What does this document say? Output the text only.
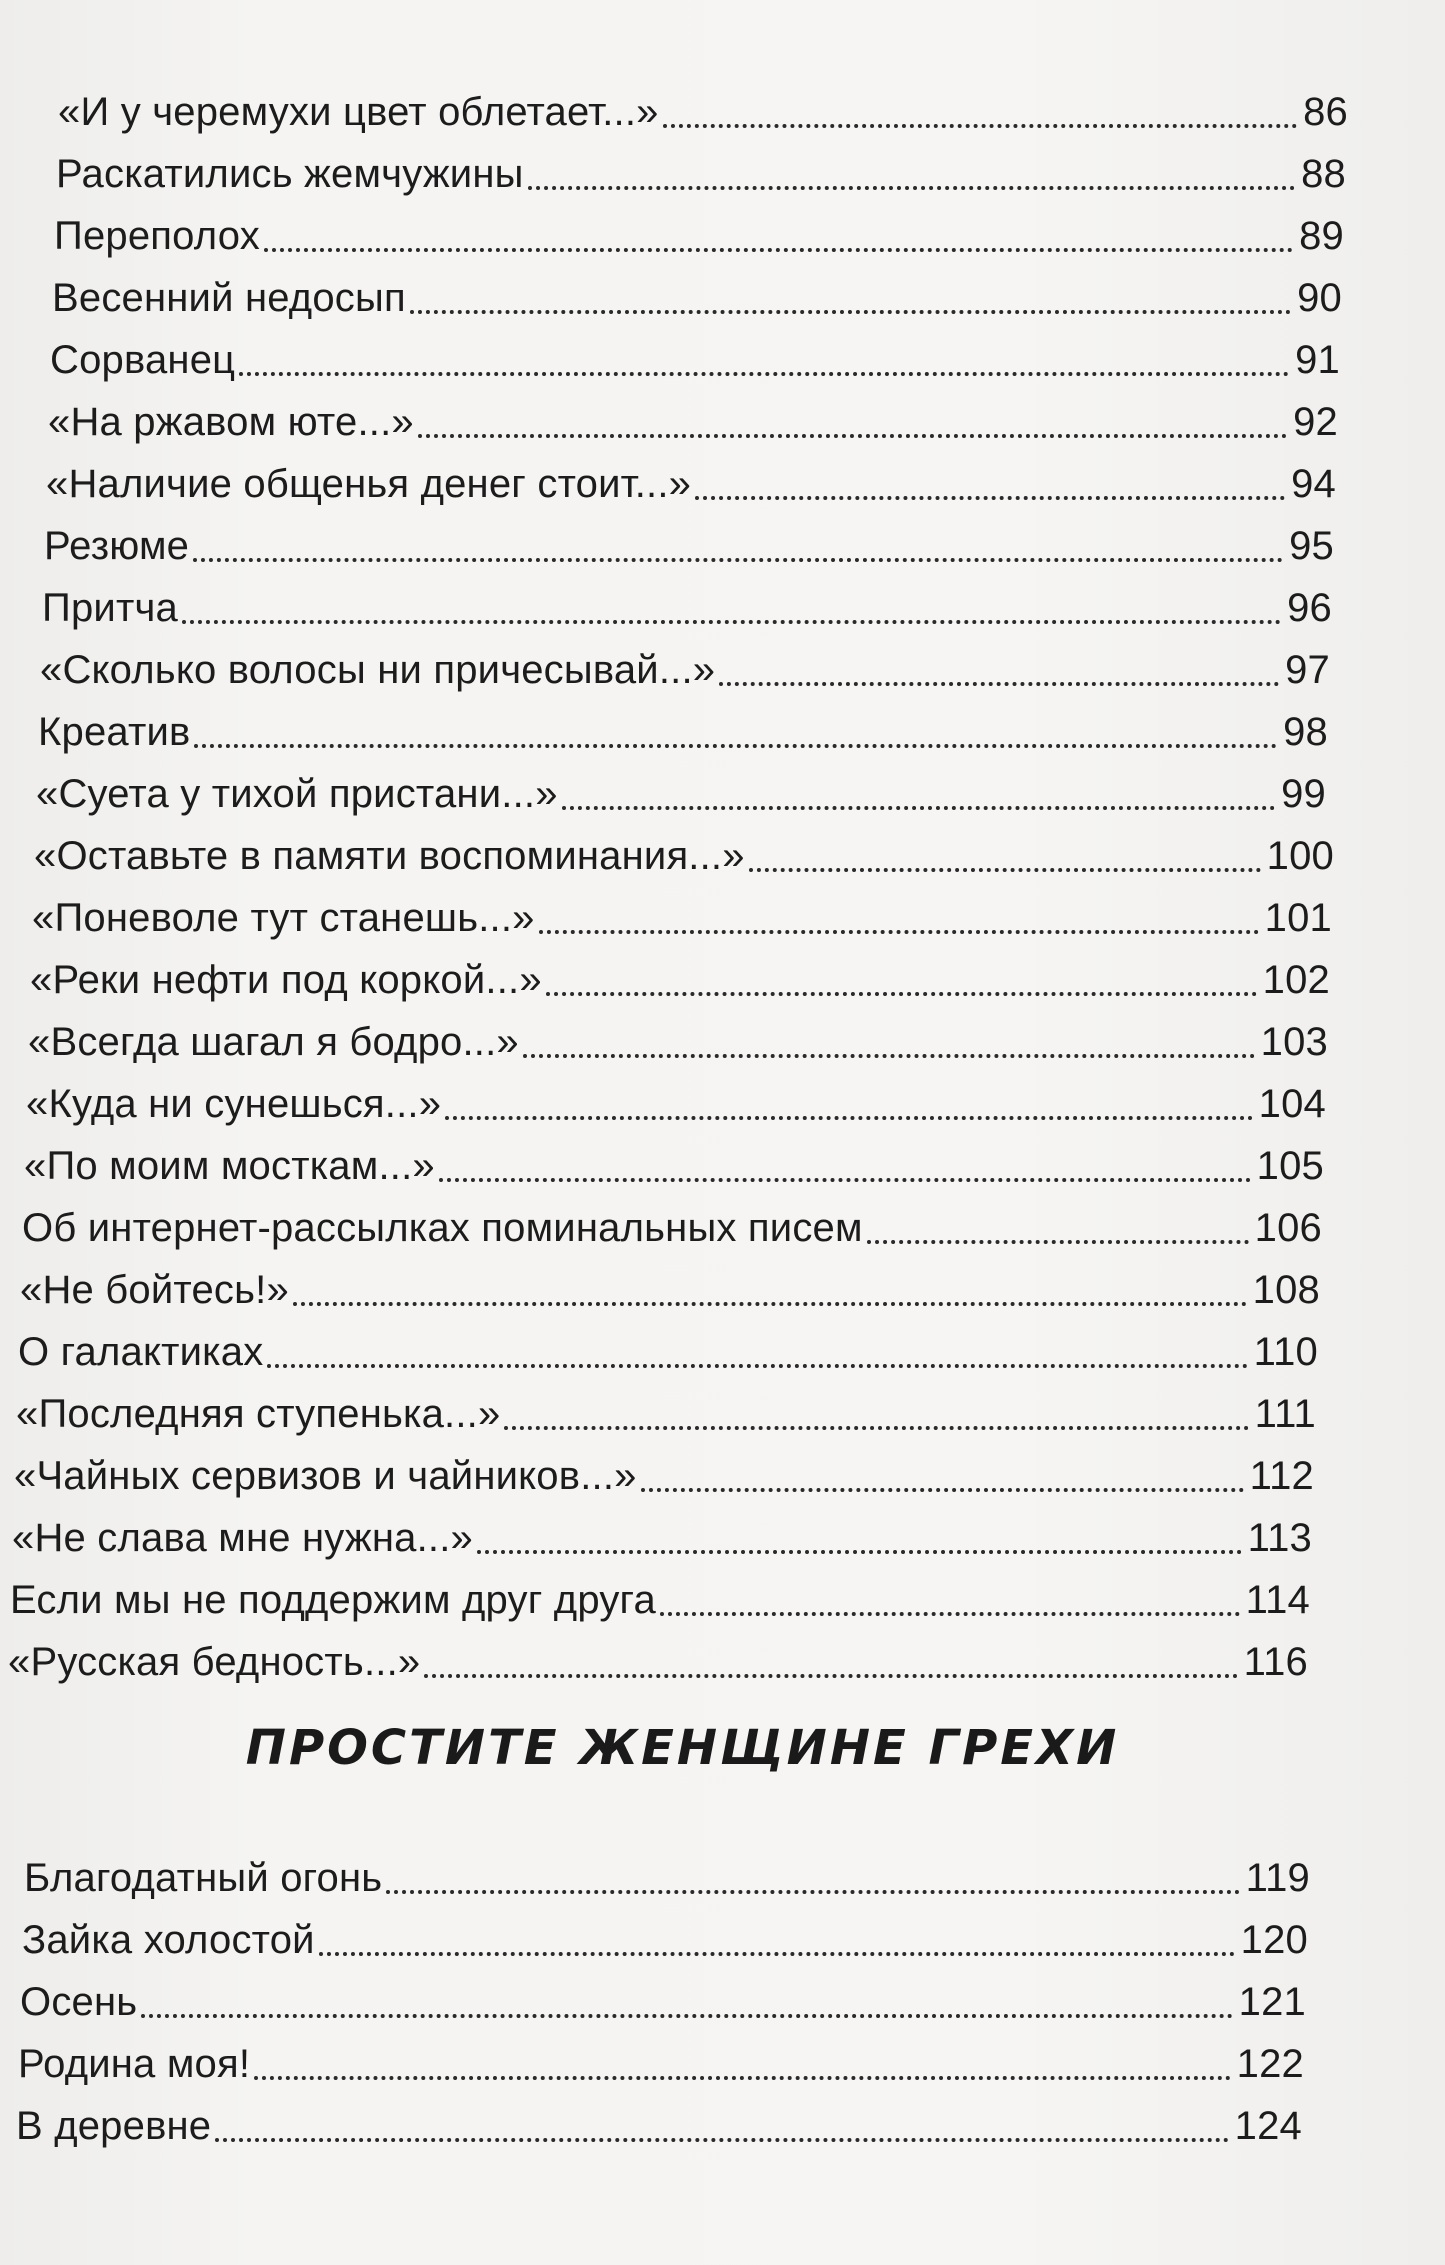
«И у черемухи цвет облетает...»	86
Раскатились жемчужины	88
Переполох	89
Весенний недосып	90
Сорванец	91
«На ржавом юте...»	92
«Наличие общенья денег стоит...»	94
Резюме	95
Притча	96
«Сколько волосы ни причесывай...»	97
Креатив	98
«Суета у тихой пристани...»	99
«Оставьте в памяти воспоминания...»	100
«Поневоле тут станешь...»	101
«Реки нефти под коркой...»	102
«Всегда шагал я бодро...»	103
«Куда ни сунешься...»	104
«По моим мосткам...»	105
Об интернет-рассылках поминальных писем	106
«Не бойтесь!»	108
О галактиках	110
«Последняя ступенька...»	111
«Чайных сервизов и чайников...»	112
«Не слава мне нужна...»	113
Если мы не поддержим друг друга	114
«Русская бедность...»	116
ПРОСТИТЕ ЖЕНЩИНЕ ГРЕХИ
Благодатный огонь	119
Зайка холостой	120
Осень	121
Родина моя!	122
В деревне	124
